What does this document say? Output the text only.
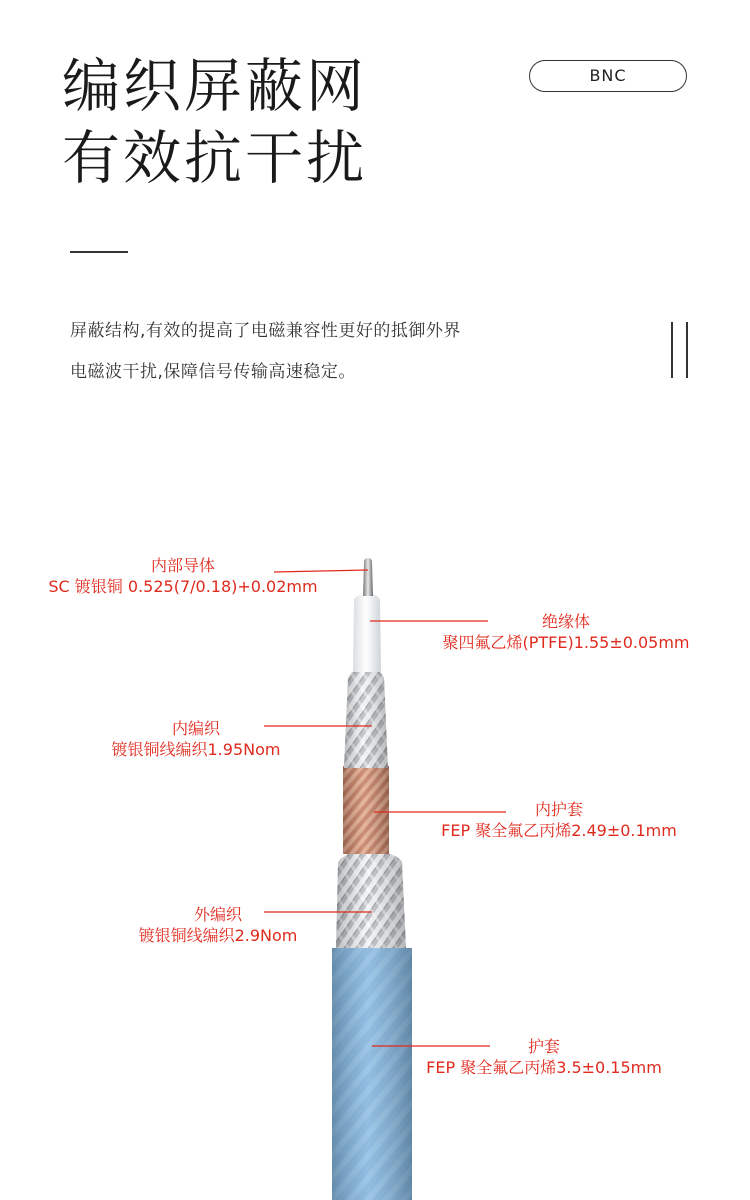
编织屏蔽网
有效抗干扰
BNC
屏蔽结构,有效的提高了电磁兼容性更好的抵御外界
电磁波干扰,保障信号传输高速稳定。
内部导体
SC 镀银铜 0.525(7/0.18)+0.02mm
绝缘体
聚四氟乙烯(PTFE)1.55±0.05mm
内编织
镀银铜线编织1.95Nom
内护套
FEP 聚全氟乙丙烯2.49±0.1mm
外编织
镀银铜线编织2.9Nom
护套
FEP 聚全氟乙丙烯3.5±0.15mm
